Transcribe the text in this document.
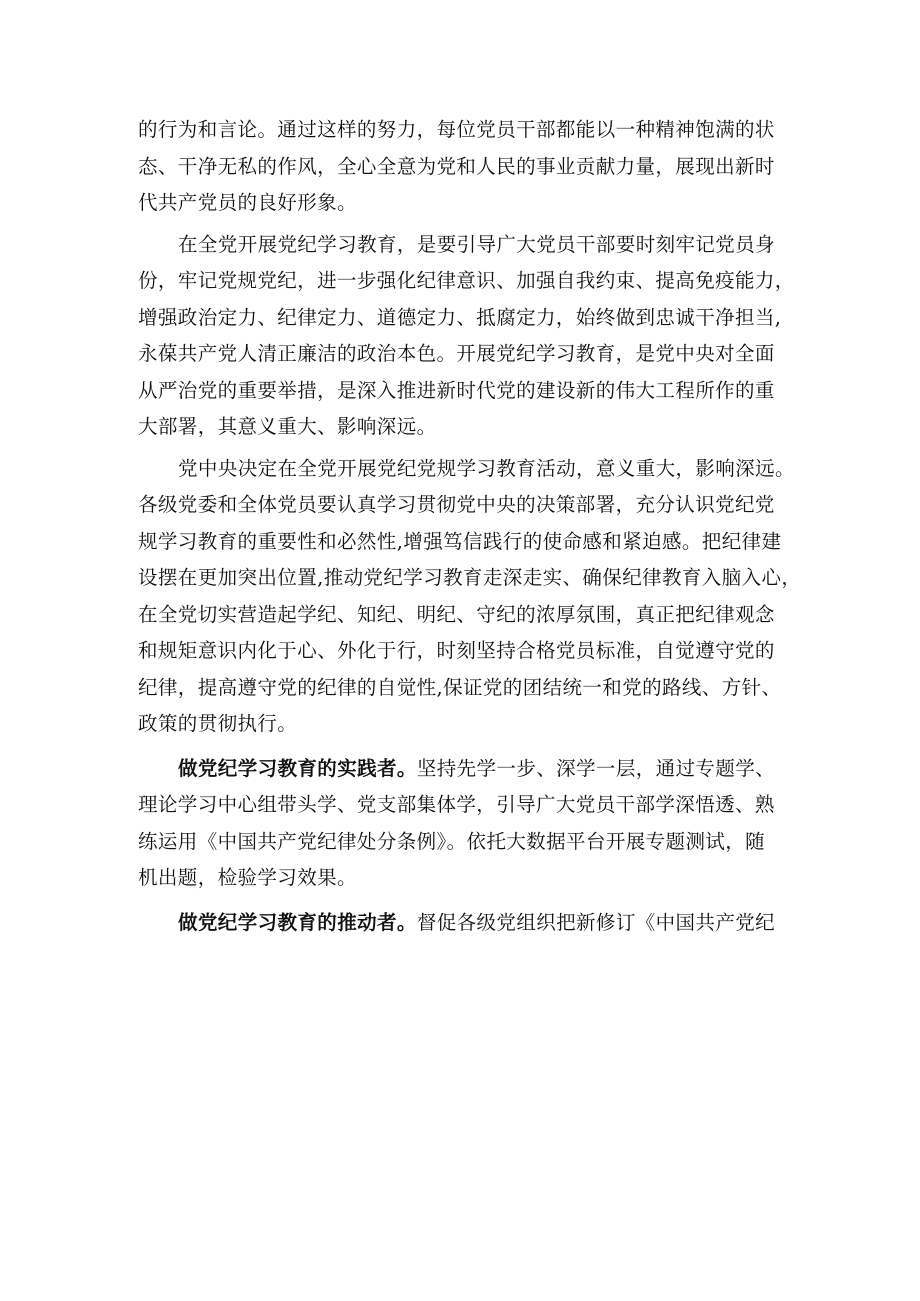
的行为和言论。通过这样的努力，每位党员干部都能以一种精神饱满的状
态、干净无私的作风，全心全意为党和人民的事业贡献力量，展现出新时
代共产党员的良好形象。
在全党开展党纪学习教育，是要引导广大党员干部要时刻牢记党员身
份，牢记党规党纪，进一步强化纪律意识、加强自我约束、提高免疫能力，
增强政治定力、纪律定力、道德定力、抵腐定力，始终做到忠诚干净担当,
永葆共产党人清正廉洁的政治本色。开展党纪学习教育，是党中央对全面
从严治党的重要举措，是深入推进新时代党的建设新的伟大工程所作的重
大部署，其意义重大、影响深远。
党中央决定在全党开展党纪党规学习教育活动，意义重大，影响深远。
各级党委和全体党员要认真学习贯彻党中央的决策部署，充分认识党纪党
规学习教育的重要性和必然性,增强笃信践行的使命感和紧迫感。把纪律建
设摆在更加突出位置,推动党纪学习教育走深走实、确保纪律教育入脑入心，
在全党切实营造起学纪、知纪、明纪、守纪的浓厚氛围，真正把纪律观念
和规矩意识内化于心、外化于行，时刻坚持合格党员标准，自觉遵守党的
纪律，提高遵守党的纪律的自觉性,保证党的团结统一和党的路线、方针、
政策的贯彻执行。
做党纪学习教育的实践者。坚持先学一步、深学一层，通过专题学、
理论学习中心组带头学、党支部集体学，引导广大党员干部学深悟透、熟
练运用《中国共产党纪律处分条例》。依托大数据平台开展专题测试，随
机出题，检验学习效果。
做党纪学习教育的推动者。督促各级党组织把新修订《中国共产党纪
